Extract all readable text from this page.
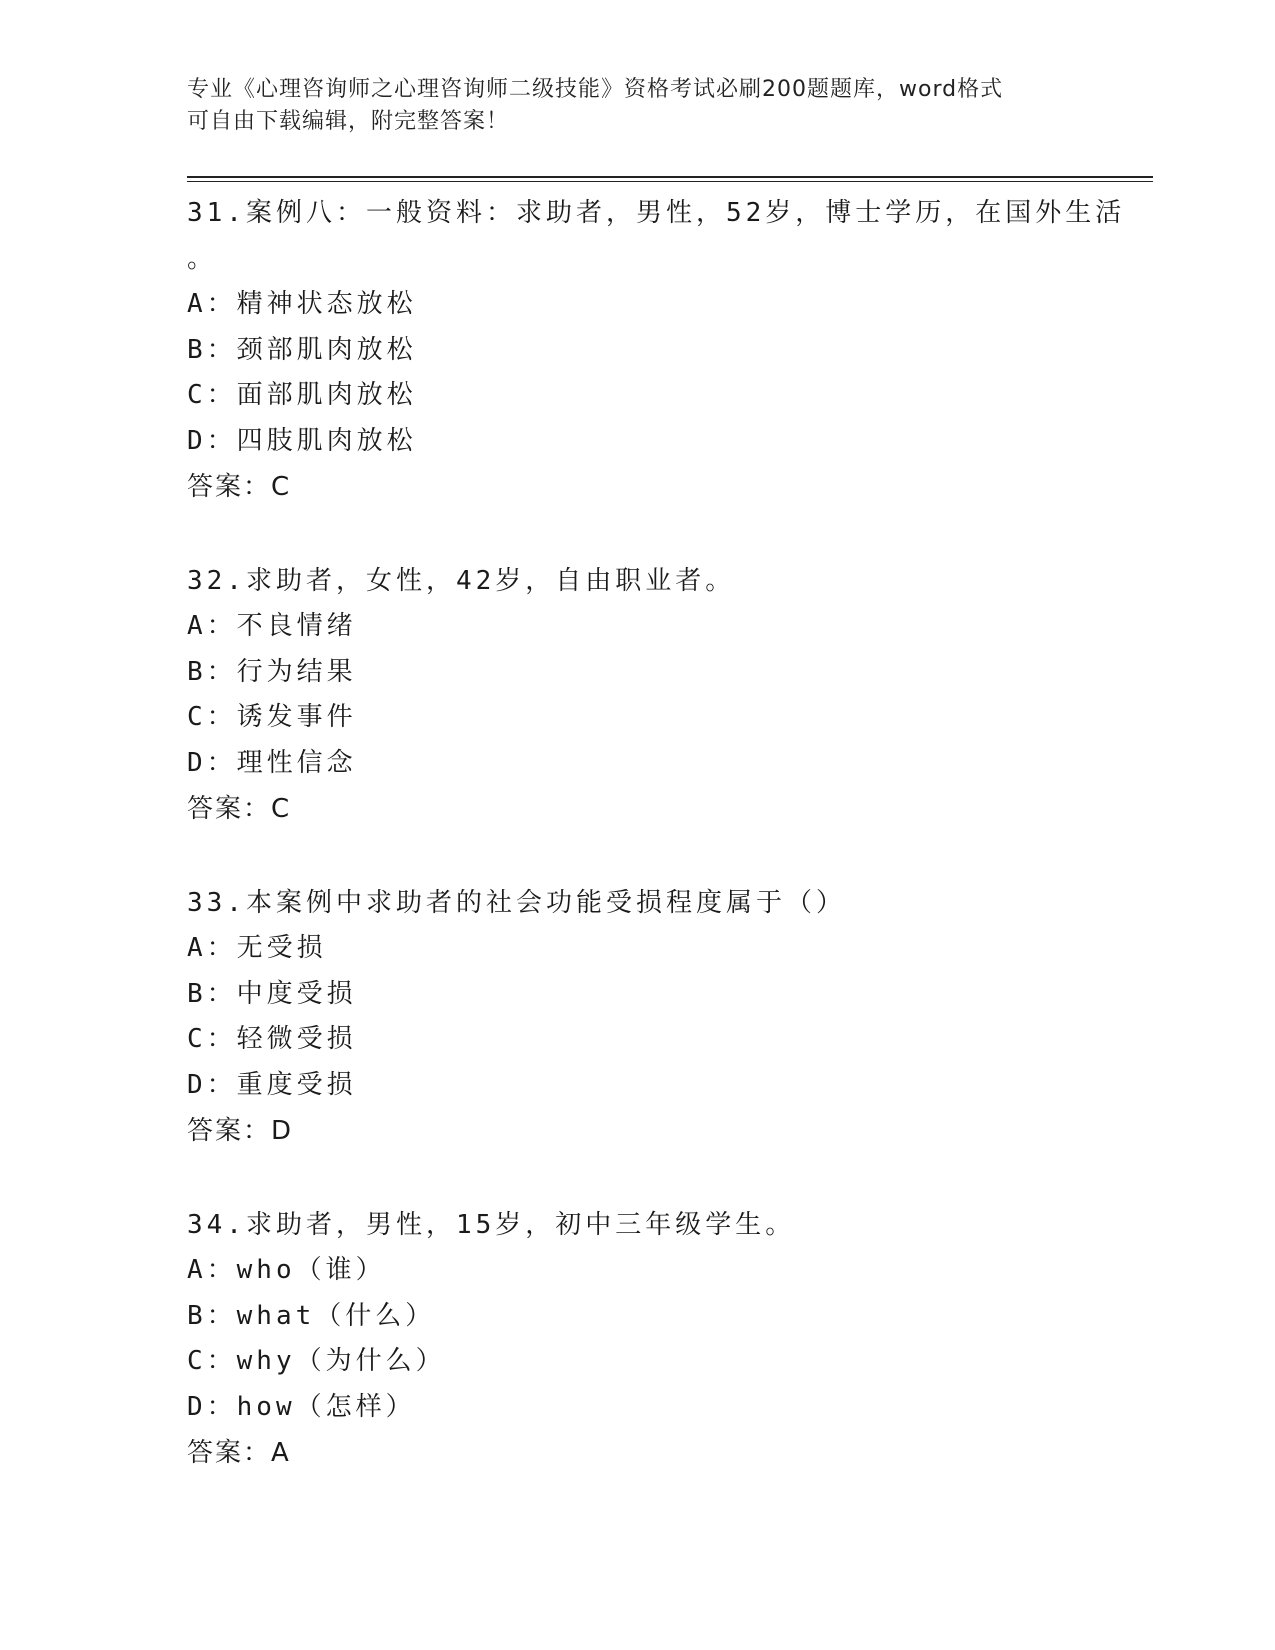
专业《心理咨询师之心理咨询师二级技能》资格考试必刷200题题库，word格式
可自由下载编辑，附完整答案！
31.案例八：一般资料：求助者，男性，52岁，博士学历，在国外生活
。
A：精神状态放松
B：颈部肌肉放松
C：面部肌肉放松
D：四肢肌肉放松
答案：C
32.求助者，女性，42岁，自由职业者。
A：不良情绪
B：行为结果
C：诱发事件
D：理性信念
答案：C
33.本案例中求助者的社会功能受损程度属于（）
A：无受损
B：中度受损
C：轻微受损
D：重度受损
答案：D
34.求助者，男性，15岁，初中三年级学生。
A：who（谁）
B：what（什么）
C：why（为什么）
D：how（怎样）
答案：A
